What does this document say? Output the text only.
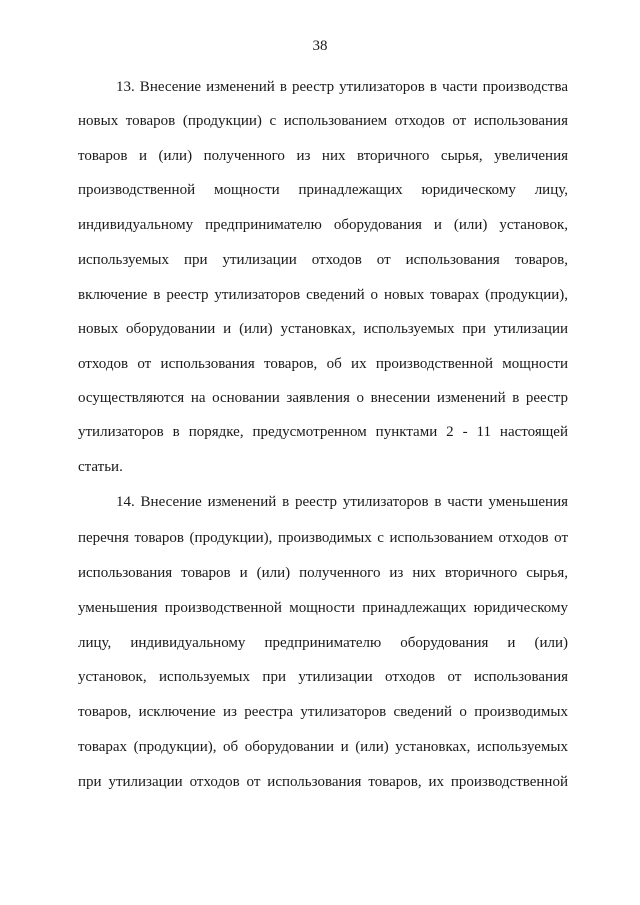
38

13. Внесение изменений в реестр утилизаторов в части производства

новых товаров (продукции) с использованием отходов от использования

товаров и (или) полученного из них вторичного сырья, увеличения

производственной мощности принадлежащих юридическому лицу,

индивидуальному предпринимателю оборудования и (или) установок,

используемых при утилизации отходов от использования товаров,

включение в реестр утилизаторов сведений о новых товарах (продукции),

новых оборудовании и (или) установках, используемых при утилизации

отходов от использования товаров, об их производственной мощности

осуществляются на основании заявления о внесении изменений в реестр

утилизаторов в порядке, предусмотренном пунктами 2 - 11 настоящей

статьи.

14. Внесение изменений в реестр утилизаторов в части уменьшения

перечня товаров (продукции), производимых с использованием отходов от

использования товаров и (или) полученного из них вторичного сырья,

уменьшения производственной мощности принадлежащих юридическому

лицу, индивидуальному предпринимателю оборудования и (или)

установок, используемых при утилизации отходов от использования

товаров, исключение из реестра утилизаторов сведений о производимых

товарах (продукции), об оборудовании и (или) установках, используемых

при утилизации отходов от использования товаров, их производственной
